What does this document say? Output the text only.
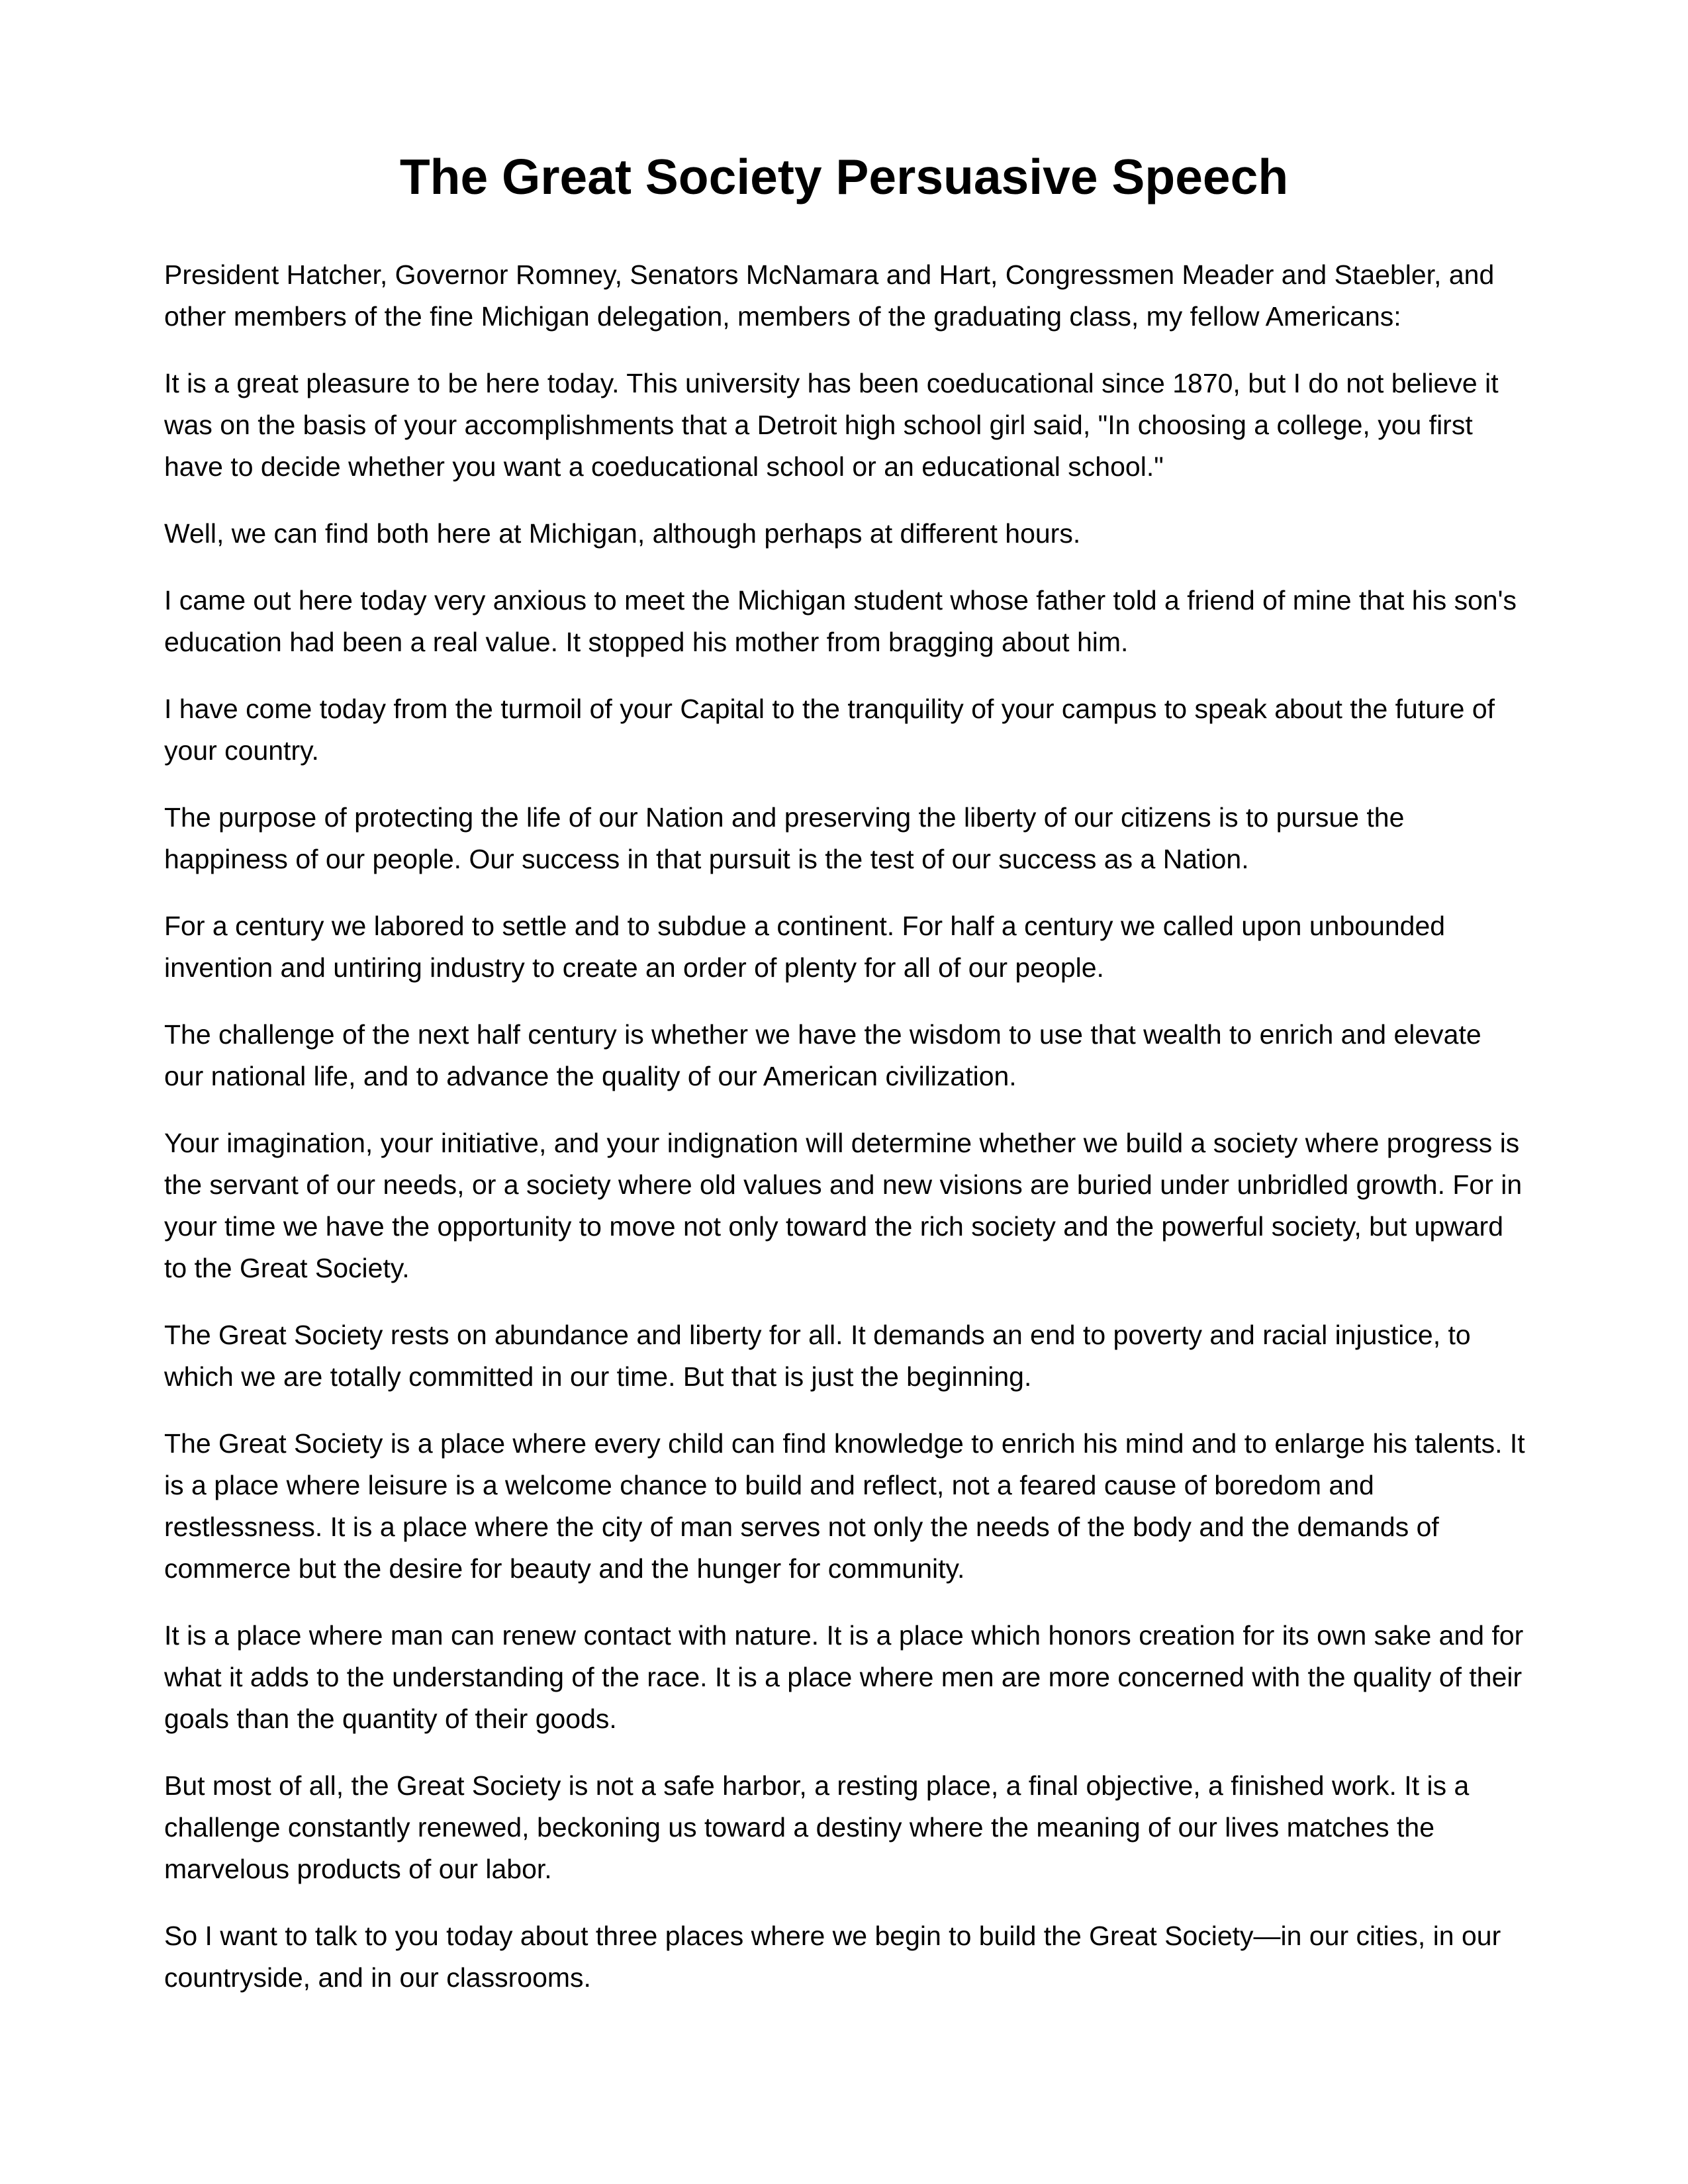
The Great Society Persuasive Speech

President Hatcher, Governor Romney, Senators McNamara and Hart, Congressmen Meader and Staebler, and other members of the fine Michigan delegation, members of the graduating class, my fellow Americans:

It is a great pleasure to be here today. This university has been coeducational since 1870, but I do not believe it was on the basis of your accomplishments that a Detroit high school girl said, "In choosing a college, you first have to decide whether you want a coeducational school or an educational school."

Well, we can find both here at Michigan, although perhaps at different hours.

I came out here today very anxious to meet the Michigan student whose father told a friend of mine that his son's education had been a real value. It stopped his mother from bragging about him.

I have come today from the turmoil of your Capital to the tranquility of your campus to speak about the future of your country.

The purpose of protecting the life of our Nation and preserving the liberty of our citizens is to pursue the happiness of our people. Our success in that pursuit is the test of our success as a Nation.

For a century we labored to settle and to subdue a continent. For half a century we called upon unbounded invention and untiring industry to create an order of plenty for all of our people.

The challenge of the next half century is whether we have the wisdom to use that wealth to enrich and elevate our national life, and to advance the quality of our American civilization.

Your imagination, your initiative, and your indignation will determine whether we build a society where progress is the servant of our needs, or a society where old values and new visions are buried under unbridled growth. For in your time we have the opportunity to move not only toward the rich society and the powerful society, but upward to the Great Society.

The Great Society rests on abundance and liberty for all. It demands an end to poverty and racial injustice, to which we are totally committed in our time. But that is just the beginning.

The Great Society is a place where every child can find knowledge to enrich his mind and to enlarge his talents. It is a place where leisure is a welcome chance to build and reflect, not a feared cause of boredom and restlessness. It is a place where the city of man serves not only the needs of the body and the demands of commerce but the desire for beauty and the hunger for community.

It is a place where man can renew contact with nature. It is a place which honors creation for its own sake and for what it adds to the understanding of the race. It is a place where men are more concerned with the quality of their goals than the quantity of their goods.

But most of all, the Great Society is not a safe harbor, a resting place, a final objective, a finished work. It is a challenge constantly renewed, beckoning us toward a destiny where the meaning of our lives matches the marvelous products of our labor.

So I want to talk to you today about three places where we begin to build the Great Society—in our cities, in our countryside, and in our classrooms.
